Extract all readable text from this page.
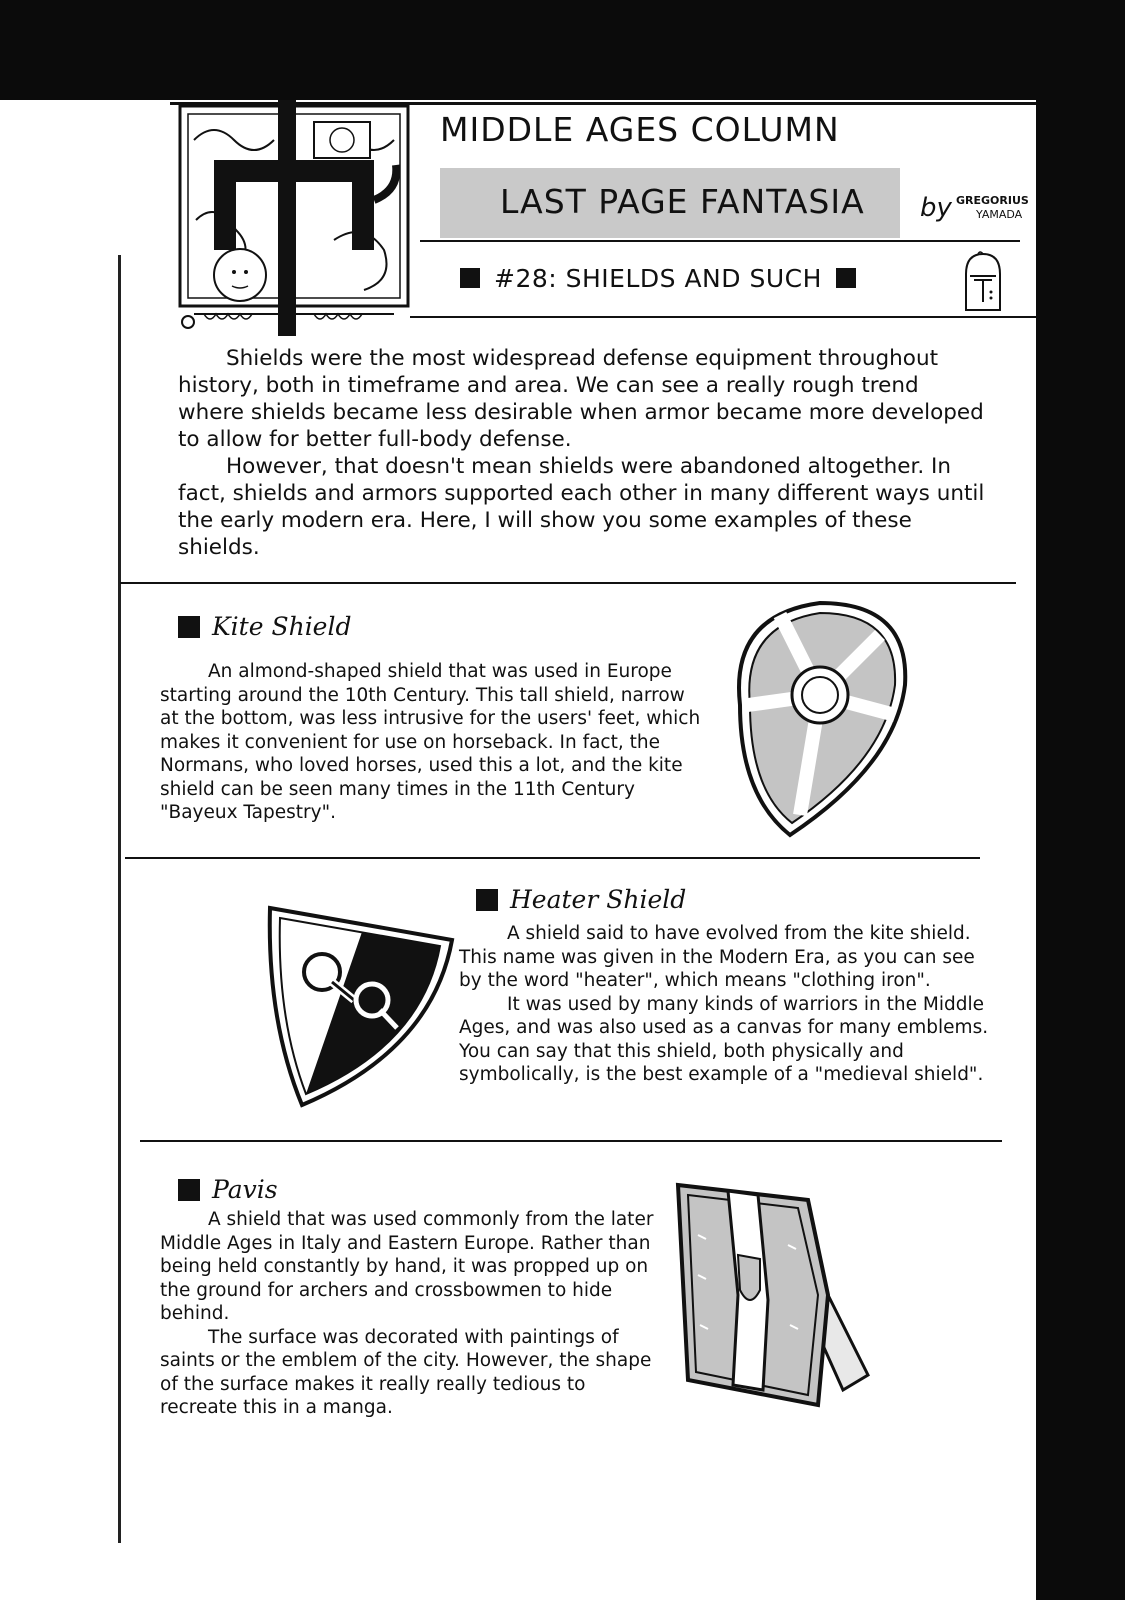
MIDDLE AGES COLUMN
LAST PAGE FANTASIA by GREGORIUS
YAMADA
#28: SHIELDS AND SUCH

Shields were the most widespread defense equipment throughout history, both in timeframe and area. We can see a really rough trend where shields became less desirable when armor became more developed to allow for better full-body defense.

However, that doesn't mean shields were abandoned altogether. In fact, shields and armors supported each other in many different ways until the early modern era. Here, I will show you some examples of these shields.

Kite Shield

An almond-shaped shield that was used in Europe starting around the 10th Century. This tall shield, narrow at the bottom, was less intrusive for the users' feet, which makes it convenient for use on horseback. In fact, the Normans, who loved horses, used this a lot, and the kite shield can be seen many times in the 11th Century "Bayeux Tapestry".

Heater Shield

A shield said to have evolved from the kite shield. This name was given in the Modern Era, as you can see by the word "heater", which means "clothing iron".

It was used by many kinds of warriors in the Middle Ages, and was also used as a canvas for many emblems. You can say that this shield, both physically and symbolically, is the best example of a "medieval shield".

Pavis

A shield that was used commonly from the later Middle Ages in Italy and Eastern Europe. Rather than being held constantly by hand, it was propped up on the ground for archers and crossbowmen to hide behind.

The surface was decorated with paintings of saints or the emblem of the city. However, the shape of the surface makes it really really tedious to recreate this in a manga.
